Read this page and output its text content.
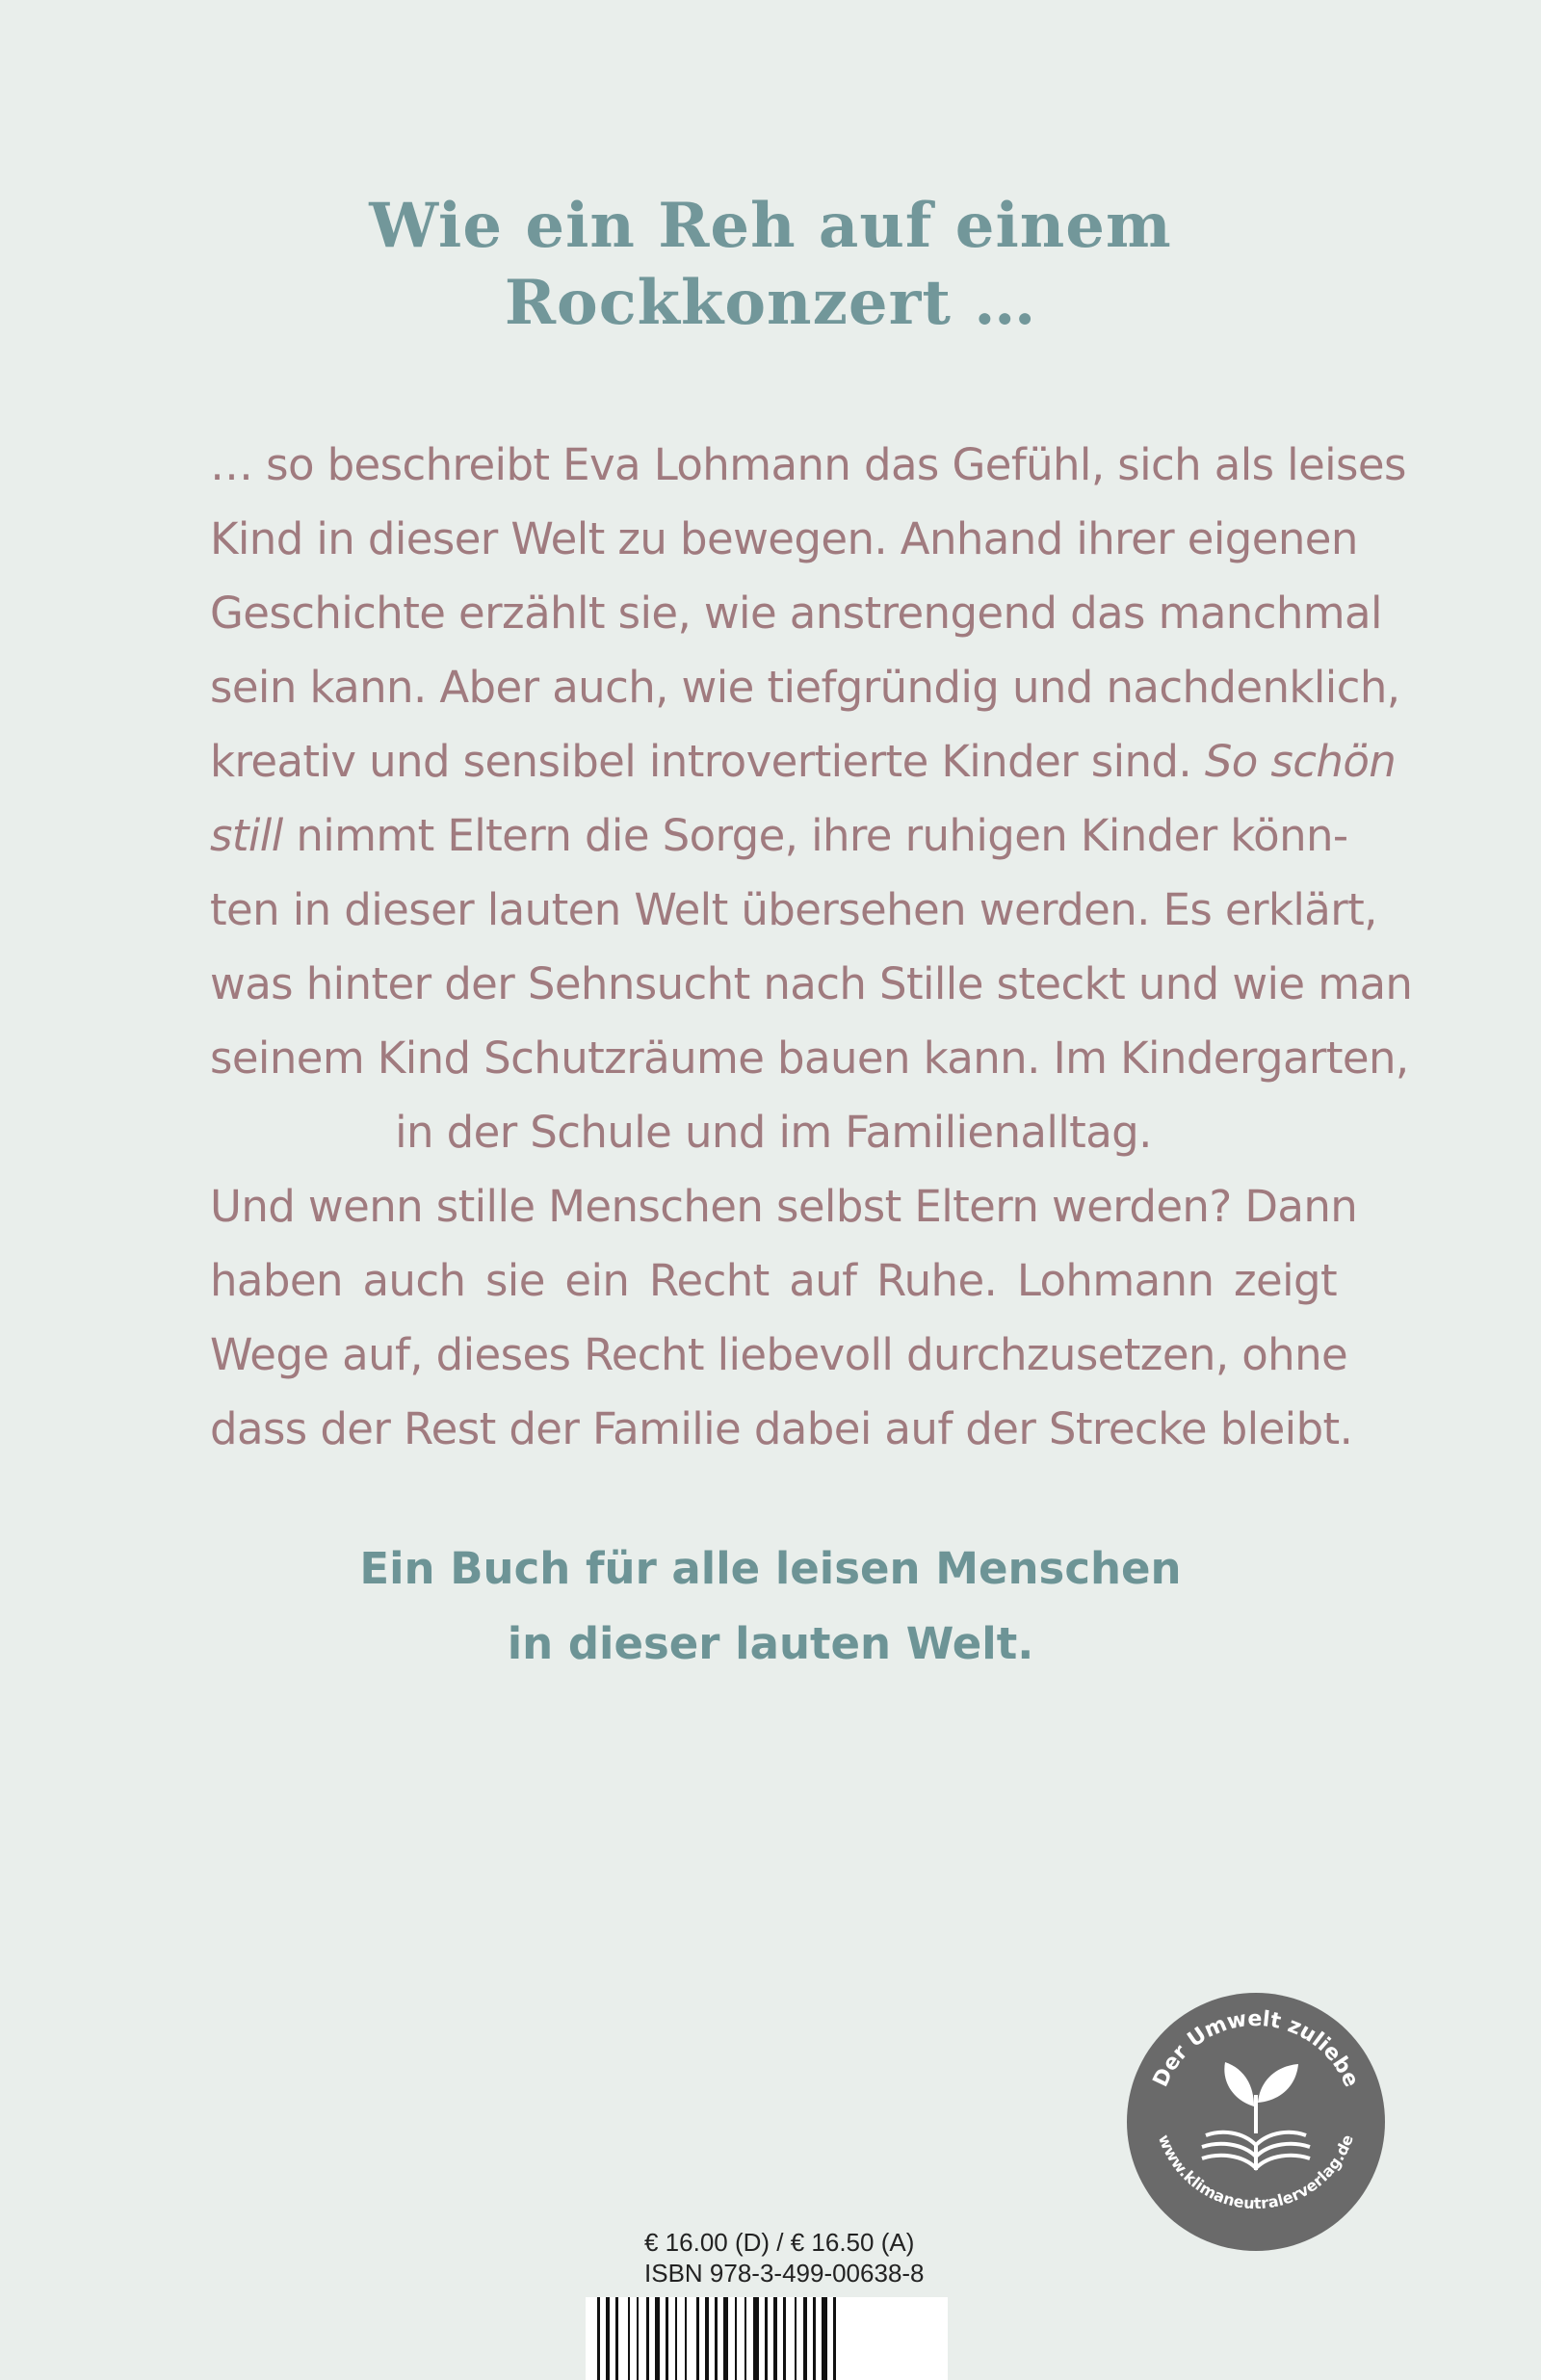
Wie ein Reh auf einem
Rockkonzert …
… so beschreibt Eva Lohmann das Gefühl, sich als leises
Kind in dieser Welt zu bewegen. Anhand ihrer eigenen
Geschichte erzählt sie, wie anstrengend das manchmal
sein kann. Aber auch, wie tiefgründig und nachdenklich,
kreativ und sensibel introvertierte Kinder sind. So schön
still nimmt Eltern die Sorge, ihre ruhigen Kinder könn-
ten in dieser lauten Welt übersehen werden. Es erklärt,
was hinter der Sehnsucht nach Stille steckt und wie man
seinem Kind Schutzräume bauen kann. Im Kindergarten,
in der Schule und im Familienalltag.
Und wenn stille Menschen selbst Eltern werden? Dann
haben auch sie ein Recht auf Ruhe. Lohmann zeigt
Wege auf, dieses Recht liebevoll durchzusetzen, ohne
dass der Rest der Familie dabei auf der Strecke bleibt.
Ein Buch für alle leisen Menschen
in dieser lauten Welt.
Der Umwelt zuliebe
www.klimaneutralerverlag.de
€ 16.00 (D) / € 16.50 (A)
ISBN 978-3-499-00638-8
